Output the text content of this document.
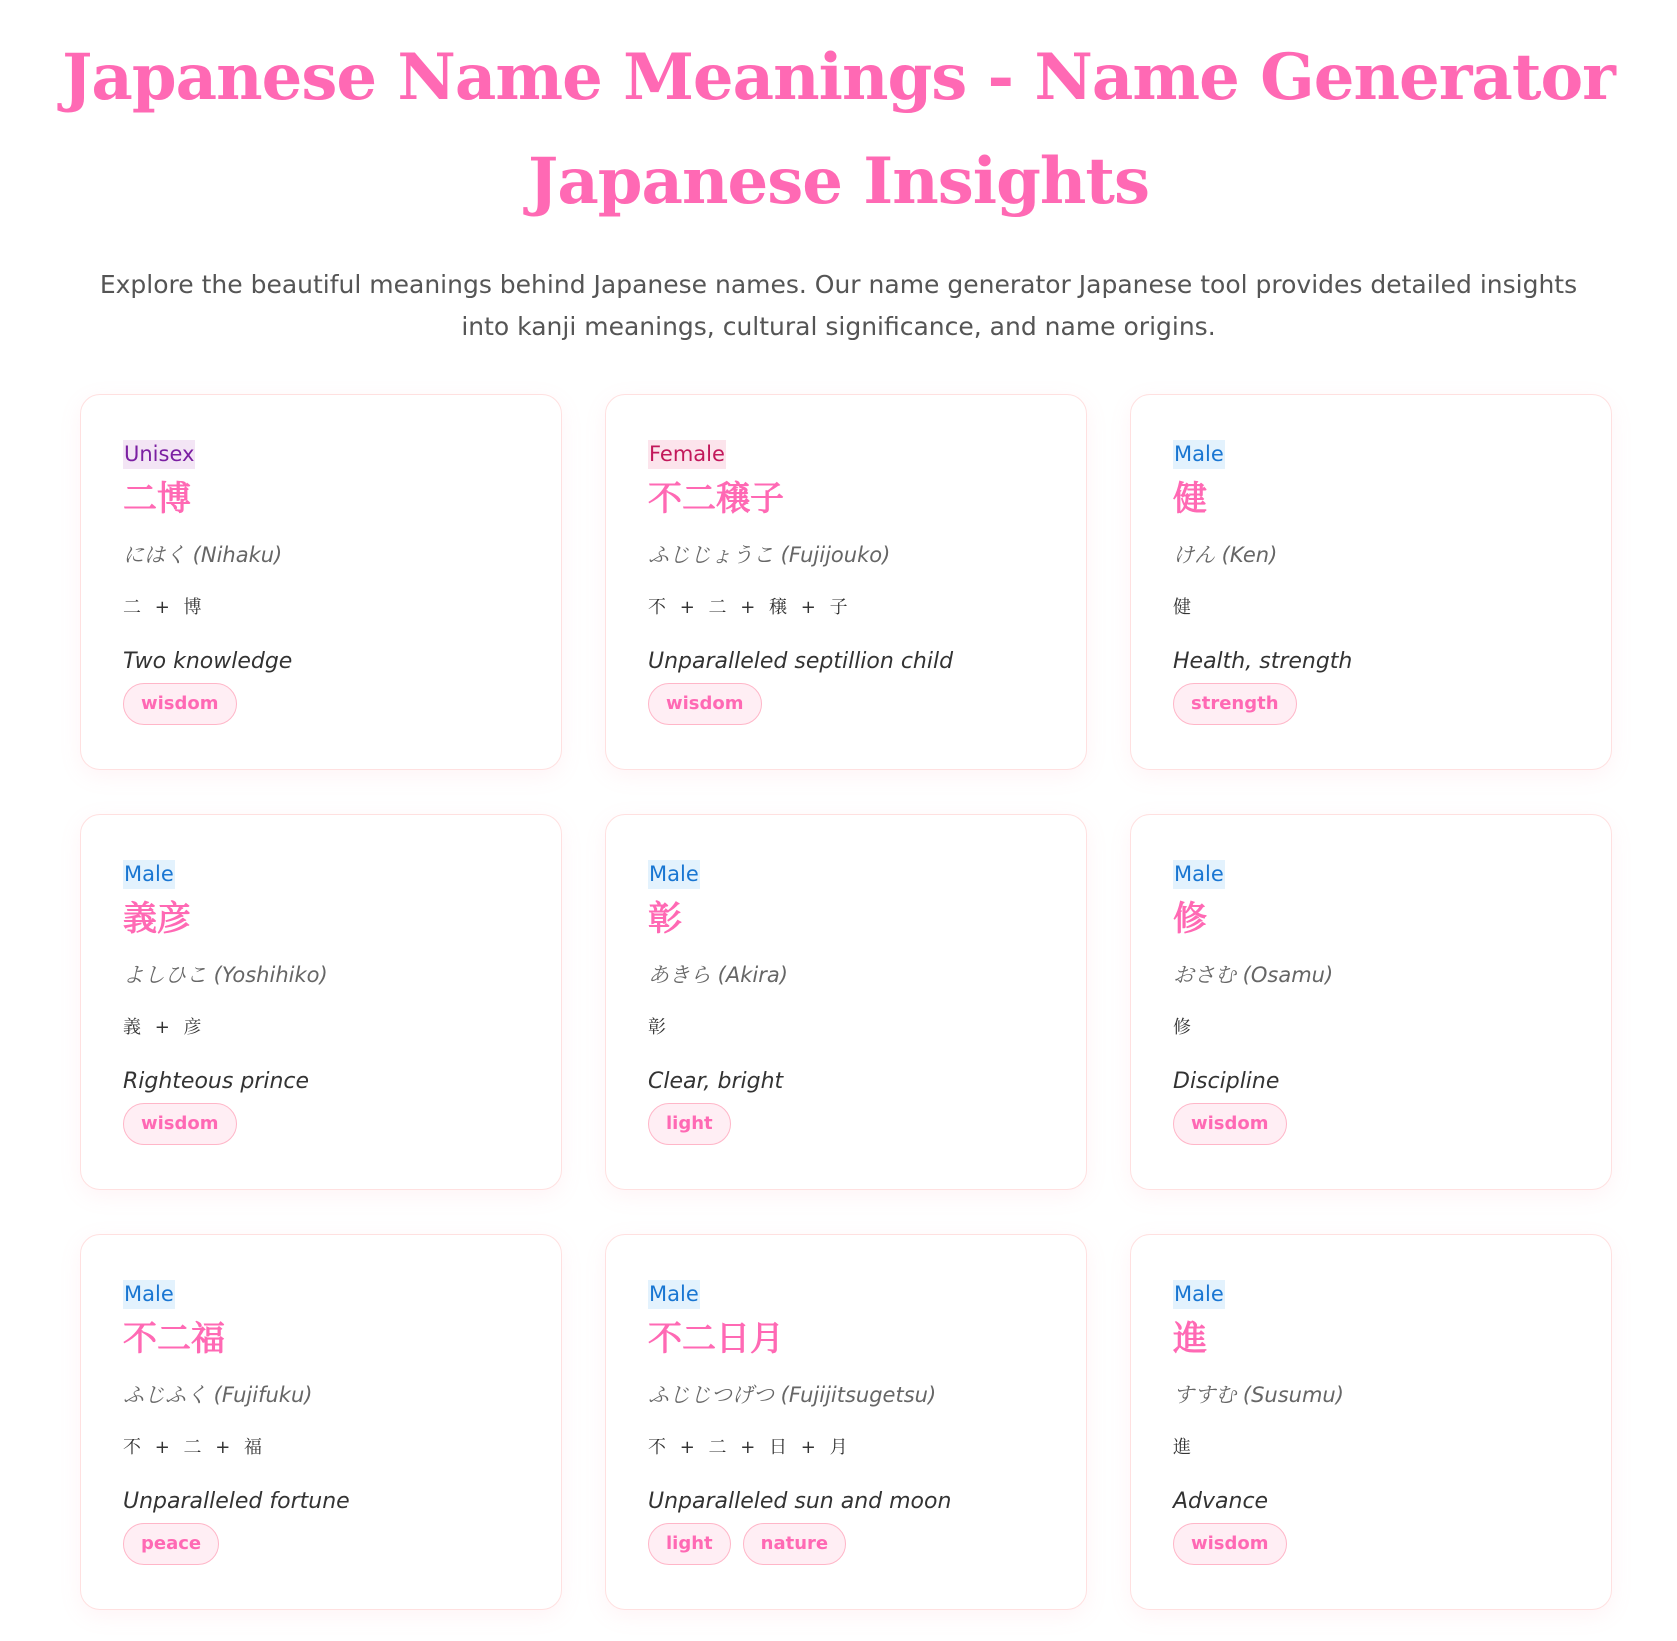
Japanese Name Meanings - Name Generator Japanese Insights

Explore the beautiful meanings behind Japanese names. Our name generator Japanese tool provides detailed insights into kanji meanings, cultural significance, and name origins.

Unisex
二博
にはく (Nihaku)
二 + 博
Two knowledge
wisdom
Female
不二穣子
ふじじょうこ (Fujijouko)
不 + 二 + 穣 + 子
Unparalleled septillion child
wisdom
Male
健
けん (Ken)
健
Health, strength
strength
Male
義彦
よしひこ (Yoshihiko)
義 + 彦
Righteous prince
wisdom
Male
彰
あきら (Akira)
彰
Clear, bright
light
Male
修
おさむ (Osamu)
修
Discipline
wisdom
Male
不二福
ふじふく (Fujifuku)
不 + 二 + 福
Unparalleled fortune
peace
Male
不二日月
ふじじつげつ (Fujijitsugetsu)
不 + 二 + 日 + 月
Unparalleled sun and moon
light	nature
Male
進
すすむ (Susumu)
進
Advance
wisdom
